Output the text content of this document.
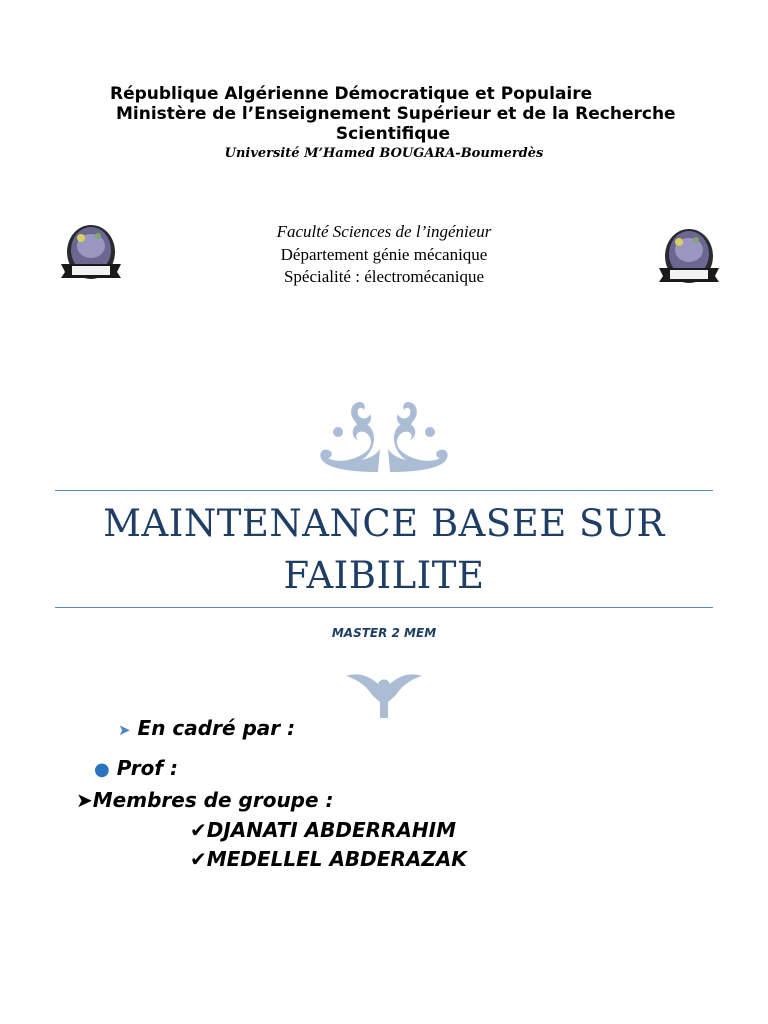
République Algérienne Démocratique et Populaire
Ministère de l’Enseignement Supérieur et de la Recherche
Scientifique
Université M’Hamed BOUGARA-Boumerdès
Faculté Sciences de l’ingénieur
Département génie mécanique
Spécialité : électromécanique
MAINTENANCE BASEE SUR
FAIBILITE
MASTER 2 MEM
➤ En cadré par :
● Prof :
➤Membres de groupe :
✔DJANATI ABDERRAHIM
✔MEDELLEL ABDERAZAK
